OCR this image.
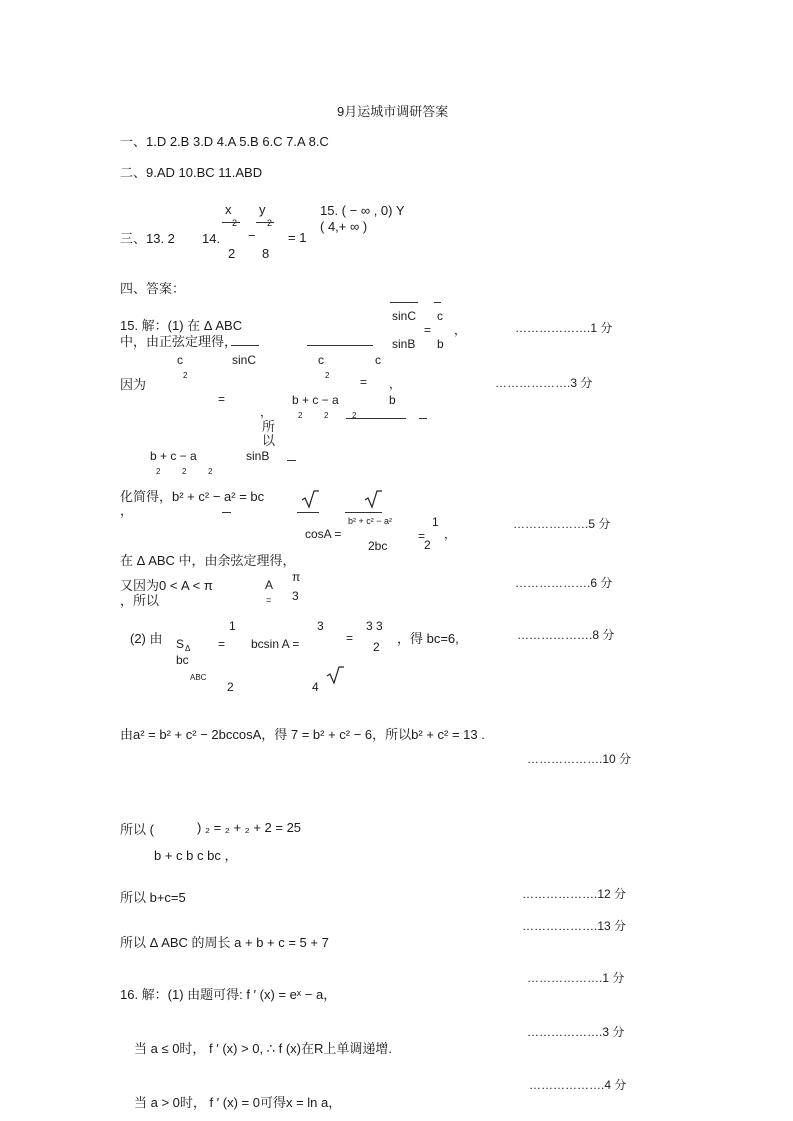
9月运城市调研答案
一、1.D 2.B 3.D 4.A 5.B 6.C 7.A 8.C
二、9.AD 10.BC 11.ABD
三、13. 2 14.
x
2
y
2
− = 1
2 8
15. ( − ∞ , 0) Y
( 4,+ ∞ )
四、答案：
15. 解：(1) 在 Δ ABC
中，由正弦定理得，
sinC c
= ，
sinB b
……………….1 分
c
2
sinC	c
2
c
因为	= ，	……………….3 分
=	b + c − a
2	2	2
b
，
所
以
b + c − a
2	2	2
sinB
化简得，b² + c² − a² = bc
，
b² + c² − a²
cosA =	=
1
2
，
2bc
……………….5 分
在 Δ ABC 中，由余弦定理得，
又因为0 < A < π
，所以
A
=
π
3
……………….6 分
(2) 由 S Δ
bc
ABC
1
= bcsin A =
2
3
4
=
3 3
2
，得 bc=6,	……………….8 分
由a² = b² + c² − 2bccosA，得 7 = b² + c² − 6，所以b² + c² = 13 .
……………….10 分
所以 (	) ₂ = ₂ + ₂ + 2 = 25
b + c b c bc ，
所以 b+c=5	……………….12 分
……………….13 分
所以 Δ ABC 的周长 a + b + c = 5 + 7
……………….1 分
16. 解：(1) 由题可得: f ′ (x) = eˣ − a，
……………….3 分
当 a ≤ 0时， f ′ (x) > 0, ∴ f (x)在R上单调递增.
……………….4 分
当 a > 0时， f ′ (x) = 0可得x = ln a，
